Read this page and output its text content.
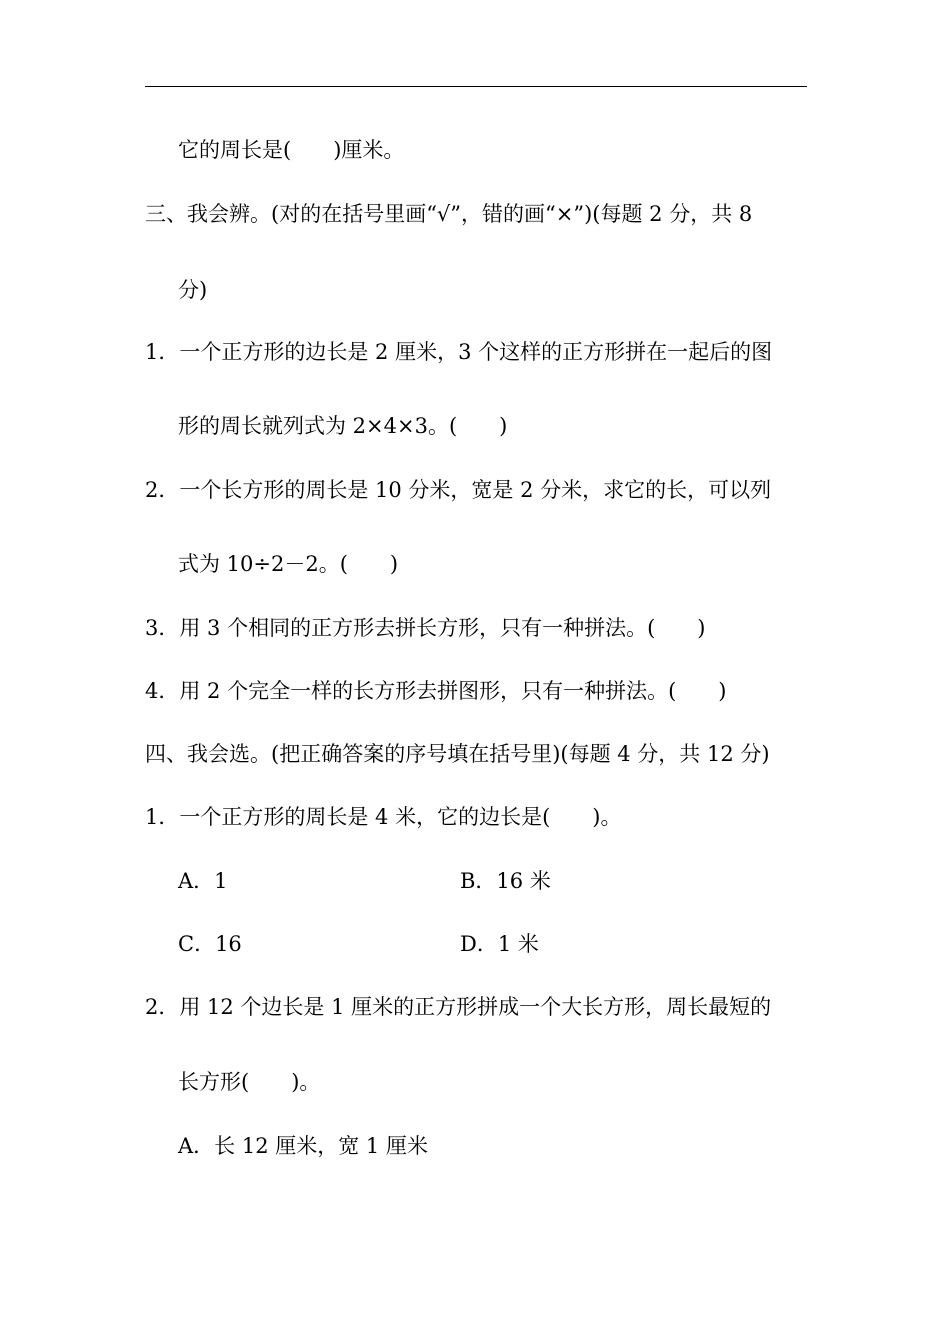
它的周长是(　　)厘米。
三、我会辨。(对的在括号里画“√”，错的画“×”)(每题 2 分，共 8
分)
1．一个正方形的边长是 2 厘米，3 个这样的正方形拼在一起后的图
形的周长就列式为 2×4×3。(　　)
2．一个长方形的周长是 10 分米，宽是 2 分米，求它的长，可以列
式为 10÷2－2。(　　)
3．用 3 个相同的正方形去拼长方形，只有一种拼法。(　　)
4．用 2 个完全一样的长方形去拼图形，只有一种拼法。(　　)
四、我会选。(把正确答案的序号填在括号里)(每题 4 分，共 12 分)
1．一个正方形的周长是 4 米，它的边长是(　　)。
A．1	B．16 米
C．16	D．1 米
2．用 12 个边长是 1 厘米的正方形拼成一个大长方形，周长最短的
长方形(　　)。
A．长 12 厘米，宽 1 厘米
